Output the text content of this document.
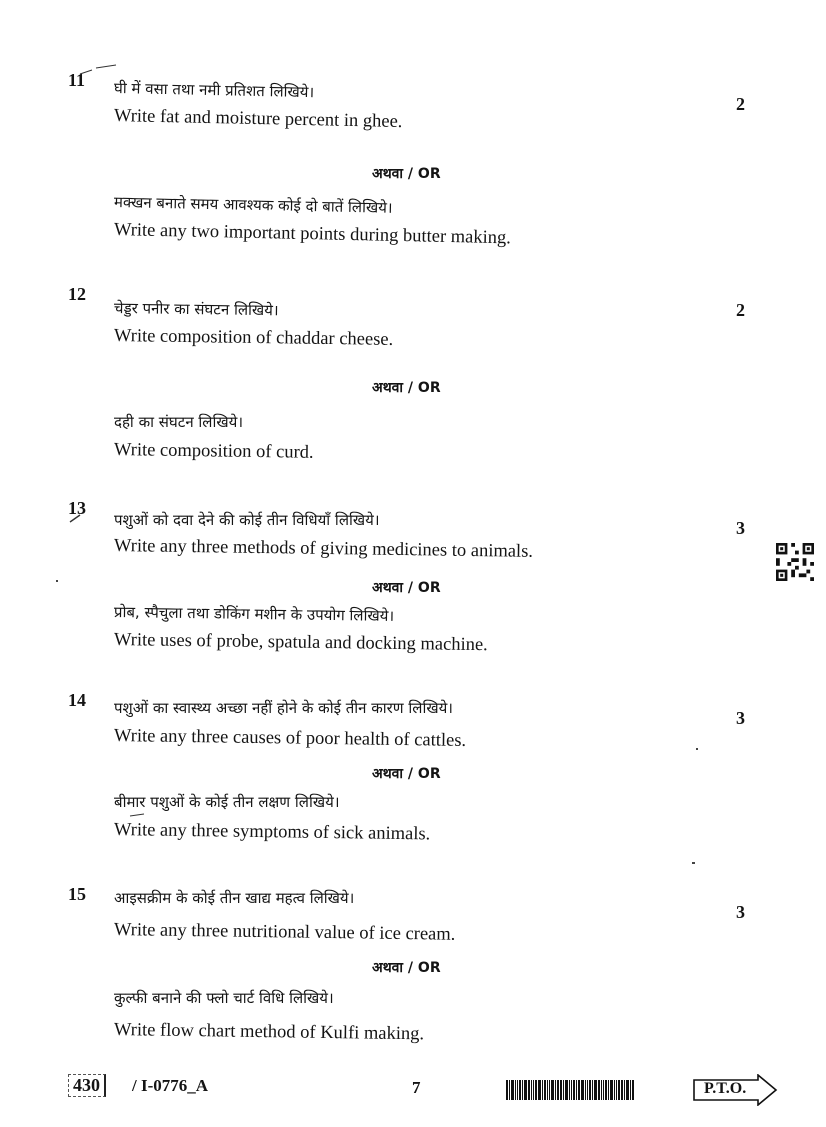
11
2
घी में वसा तथा नमी प्रतिशत लिखिये।
Write fat and moisture percent in ghee.
अथवा / OR
मक्खन बनाते समय आवश्यक कोई दो बातें लिखिये।
Write any two important points during butter making.
12
2
चेड्डर पनीर का संघटन लिखिये।
Write composition of chaddar cheese.
अथवा / OR
दही का संघटन लिखिये।
Write composition of curd.
13
3
पशुओं को दवा देने की कोई तीन विधियाँ लिखिये।
Write any three methods of giving medicines to animals.
अथवा / OR
प्रोब, स्पैचुला तथा डोकिंग मशीन के उपयोग लिखिये।
Write uses of probe, spatula and docking machine.
14
3
पशुओं का स्वास्थ्य अच्छा नहीं होने के कोई तीन कारण लिखिये।
Write any three causes of poor health of cattles.
अथवा / OR
बीमार पशुओं के कोई तीन लक्षण लिखिये।
Write any three symptoms of sick animals.
15
3
आइसक्रीम के कोई तीन खाद्य महत्व लिखिये।
Write any three nutritional value of ice cream.
अथवा / OR
कुल्फी बनाने की फ्लो चार्ट विधि लिखिये।
Write flow chart method of Kulfi making.
430	/ I-0776_A	7	P.T.O.
